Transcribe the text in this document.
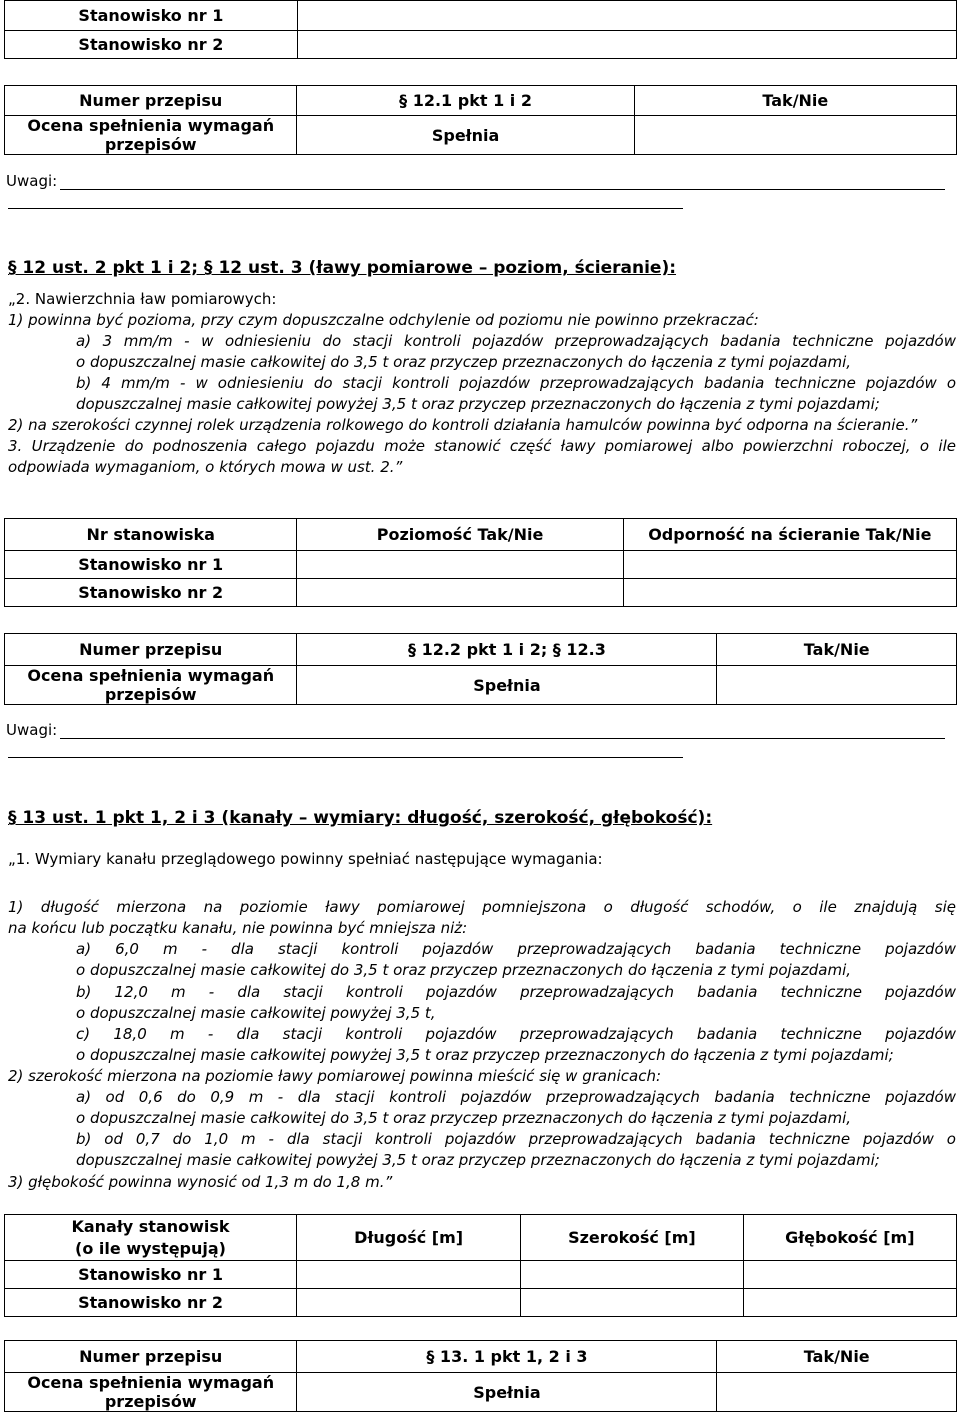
Stanowisko nr 1	
Stanowisko nr 2	
Numer przepisu	§ 12.1 pkt 1 i 2	Tak/Nie
Ocena spełnienia wymagań przepisów	Spełnia	
Uwagi:
§ 12 ust. 2 pkt 1 i 2; § 12 ust. 3 (ławy pomiarowe – poziom, ścieranie):
„2. Nawierzchnia ław pomiarowych:
1) powinna być pozioma, przy czym dopuszczalne odchylenie od poziomu nie powinno przekraczać:
a) 3 mm/m - w odniesieniu do stacji kontroli pojazdów przeprowadzających badania techniczne pojazdów
o dopuszczalnej masie całkowitej do 3,5 t oraz przyczep przeznaczonych do łączenia z tymi pojazdami,
b) 4 mm/m - w odniesieniu do stacji kontroli pojazdów przeprowadzających badania techniczne pojazdów o
dopuszczalnej masie całkowitej powyżej 3,5 t oraz przyczep przeznaczonych do łączenia z tymi pojazdami;
2) na szerokości czynnej rolek urządzenia rolkowego do kontroli działania hamulców powinna być odporna na ścieranie.”
3. Urządzenie do podnoszenia całego pojazdu może stanowić część ławy pomiarowej albo powierzchni roboczej, o ile
odpowiada wymaganiom, o których mowa w ust. 2.”
Nr stanowiska	Poziomość Tak/Nie	Odporność na ścieranie Tak/Nie
Stanowisko nr 1		
Stanowisko nr 2		
Numer przepisu	§ 12.2 pkt 1 i 2; § 12.3	Tak/Nie
Ocena spełnienia wymagań przepisów	Spełnia	
Uwagi:
§ 13 ust. 1 pkt 1, 2 i 3 (kanały – wymiary: długość, szerokość, głębokość):
„1. Wymiary kanału przeglądowego powinny spełniać następujące wymagania:
1) długość mierzona na poziomie ławy pomiarowej pomniejszona o długość schodów, o ile znajdują się
na końcu lub początku kanału, nie powinna być mniejsza niż:
a) 6,0 m - dla stacji kontroli pojazdów przeprowadzających badania techniczne pojazdów
o dopuszczalnej masie całkowitej do 3,5 t oraz przyczep przeznaczonych do łączenia z tymi pojazdami,
b) 12,0 m - dla stacji kontroli pojazdów przeprowadzających badania techniczne pojazdów
o dopuszczalnej masie całkowitej powyżej 3,5 t,
c) 18,0 m - dla stacji kontroli pojazdów przeprowadzających badania techniczne pojazdów
o dopuszczalnej masie całkowitej powyżej 3,5 t oraz przyczep przeznaczonych do łączenia z tymi pojazdami;
2) szerokość mierzona na poziomie ławy pomiarowej powinna mieścić się w granicach:
a) od 0,6 do 0,9 m - dla stacji kontroli pojazdów przeprowadzających badania techniczne pojazdów
o dopuszczalnej masie całkowitej do 3,5 t oraz przyczep przeznaczonych do łączenia z tymi pojazdami,
b) od 0,7 do 1,0 m - dla stacji kontroli pojazdów przeprowadzających badania techniczne pojazdów o
dopuszczalnej masie całkowitej powyżej 3,5 t oraz przyczep przeznaczonych do łączenia z tymi pojazdami;
3) głębokość powinna wynosić od 1,3 m do 1,8 m.”
Kanały stanowisk
(o ile występują)	Długość [m]	Szerokość [m]	Głębokość [m]
Stanowisko nr 1			
Stanowisko nr 2			
Numer przepisu	§ 13. 1 pkt 1, 2 i 3	Tak/Nie
Ocena spełnienia wymagań przepisów	Spełnia	
